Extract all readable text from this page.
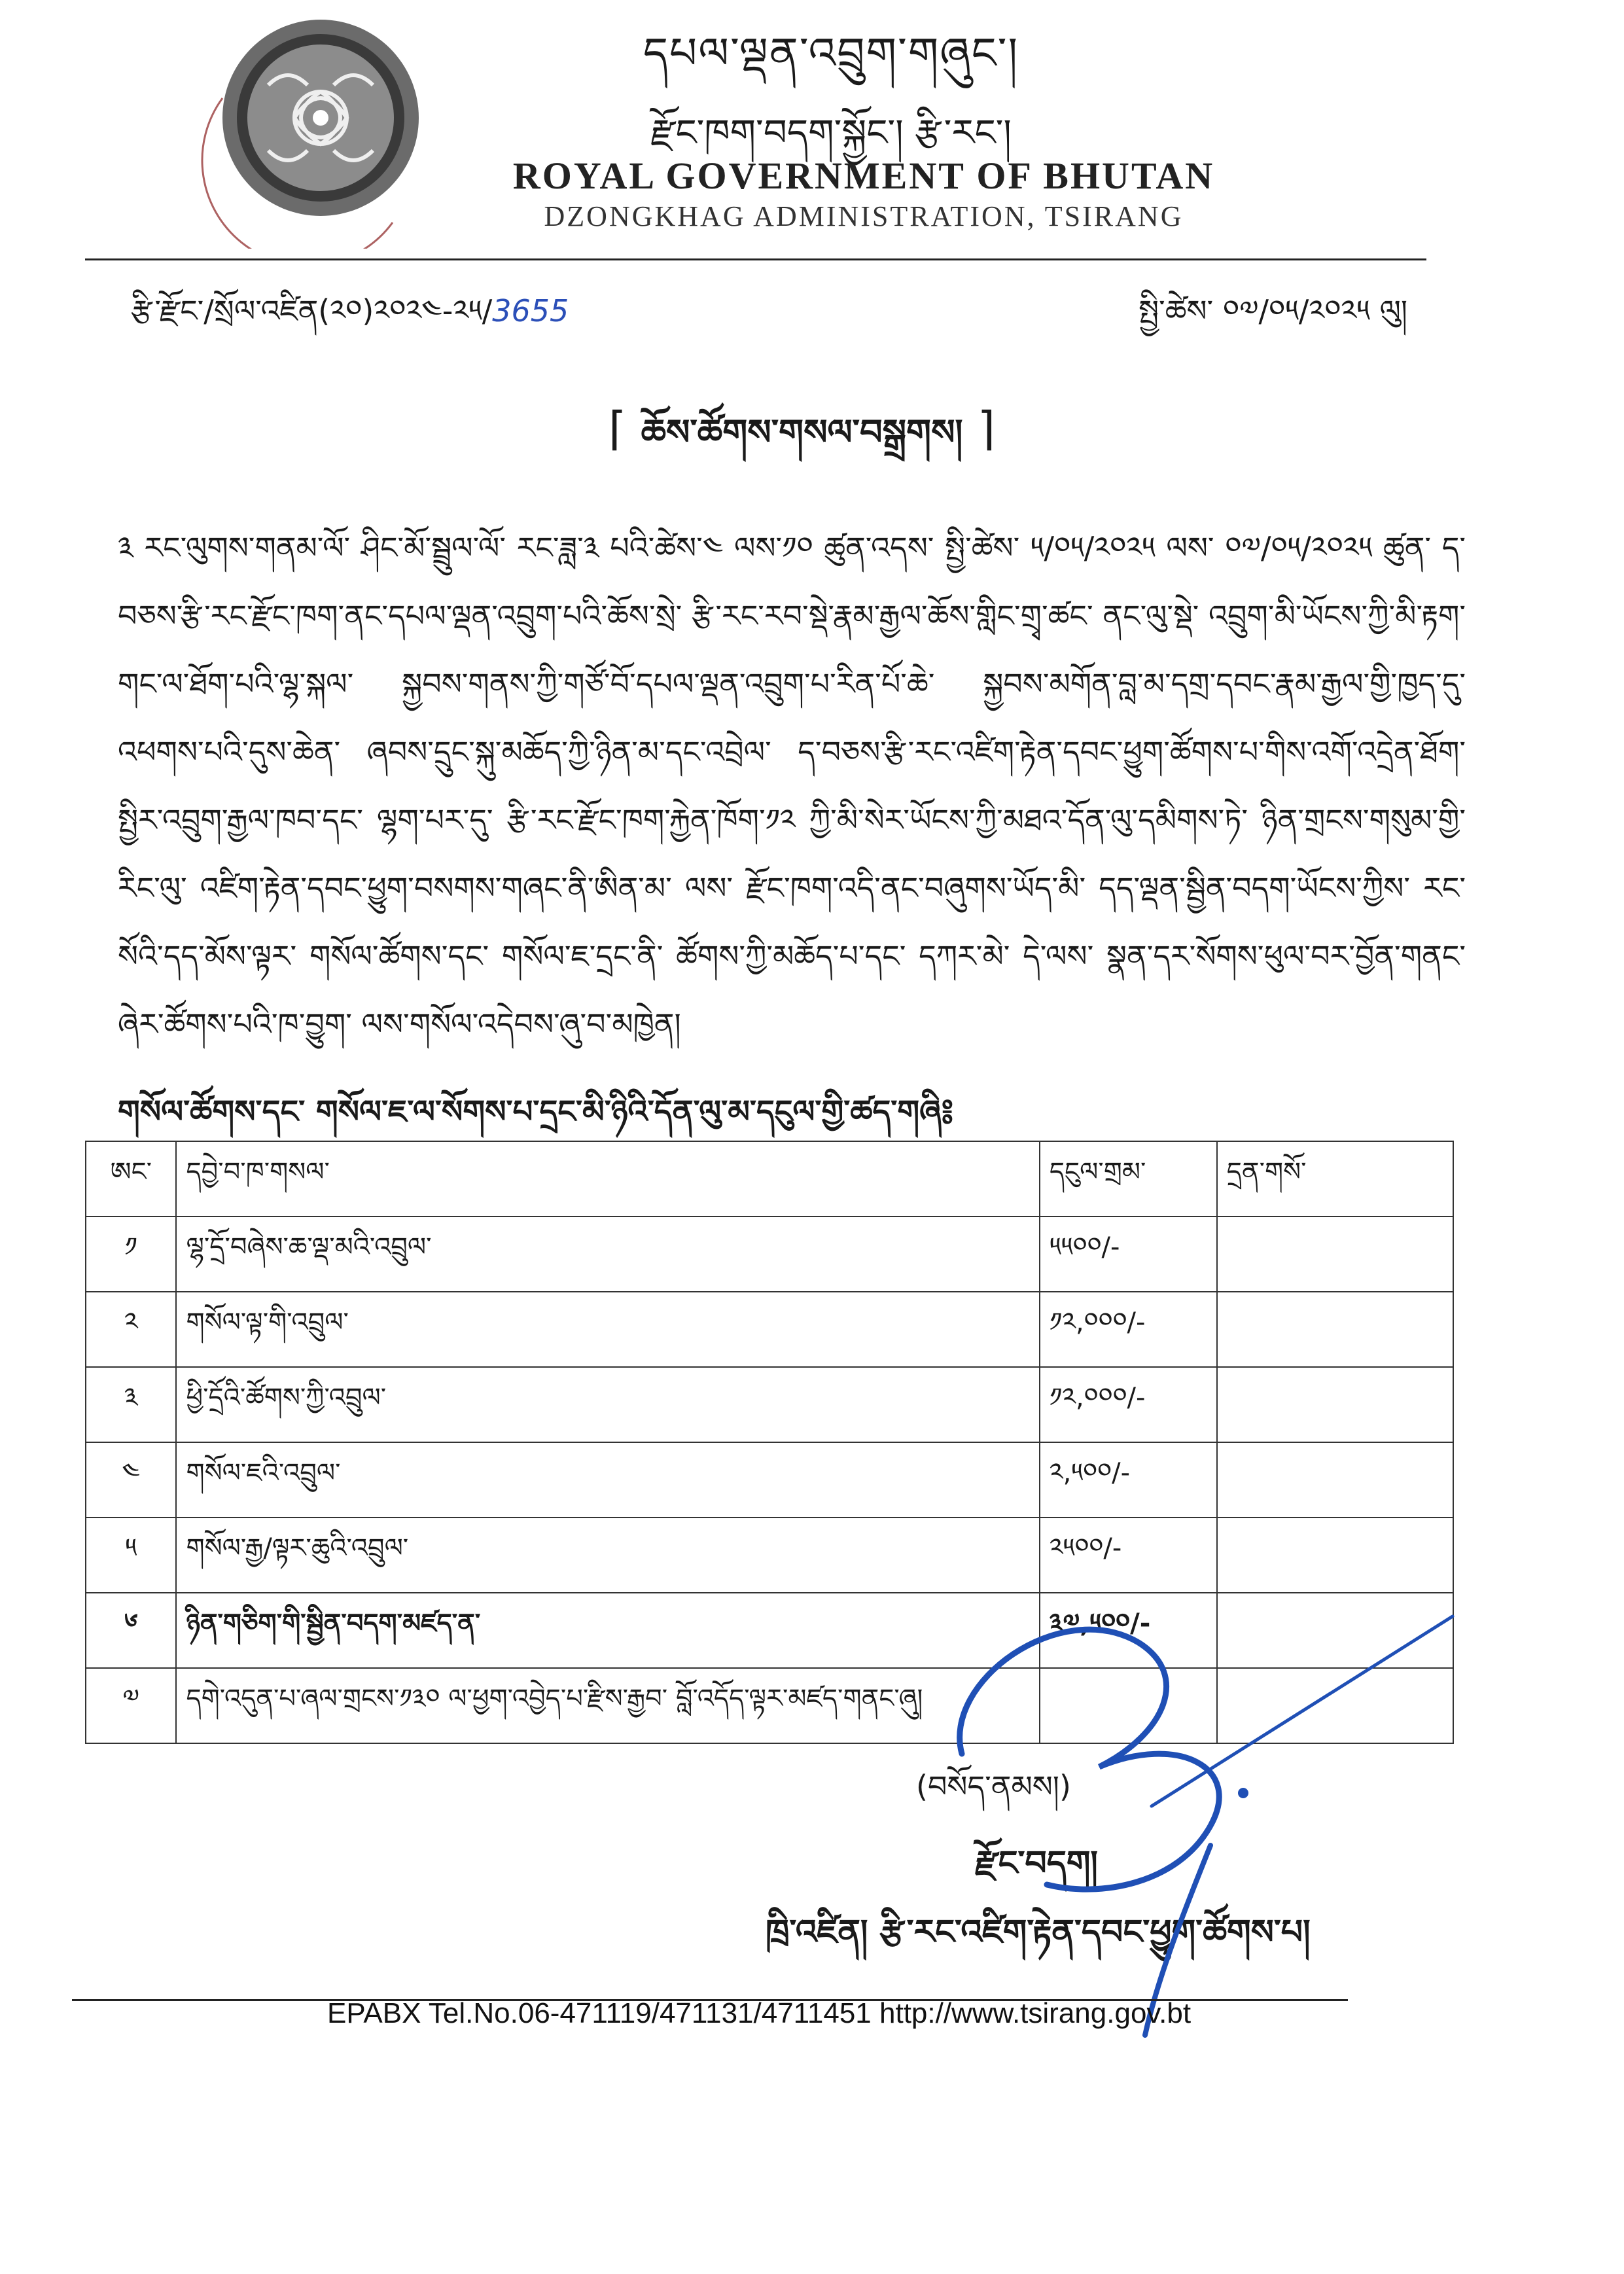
དཔལ་ལྡན་འབྲུག་གཞུང་།
རྫོང་ཁག་བདག་སྐྱོང་། རྩི་རང་།
ROYAL GOVERNMENT OF BHUTAN
DZONGKHAG ADMINISTRATION, TSIRANG
རྩི་རྫོང་/སྲོལ་འཛིན(༢༠)༢༠༢༤-༢༥/3655	སྤྱི་ཚེས་ ༠༧/༠༥/༢༠༢༥ ལུ།
⌈ ཆོས་ཚོགས་གསལ་བསྒྲགས། ⌉
༣ རང་ལུགས་གནམ་ལོ་ ཤིང་མོ་སྦྲུལ་ལོ་ རང་ཟླ་༣ པའི་ཚེས་༤ ལས་༡༠ ཚུན་འདས་ སྤྱི་ཚེས་ ༥/༠༥/༢༠༢༥ ལས་ ༠༧/༠༥/༢༠༢༥ ཚུན་ ད་བཅས་རྩི་རང་རྫོང་ཁག་ནང་དཔལ་ལྡན་འབྲུག་པའི་ཆོས་སྲེ་ རྩི་རང་རབ་སྡེ་རྣམ་རྒྱལ་ཆོས་གླིང་གྲྭ་ཚང་ ནང་ལུ་སྡེ་ འབྲུག་མི་ཡོངས་ཀྱི་མི་རྟག་གང་ལ་ཐོག་པའི་ལྷ་སྐལ་ སྐྱབས་གནས་ཀྱི་གཙོ་བོ་དཔལ་ལྡན་འབྲུག་པ་རིན་པོ་ཆེ་ སྐྱབས་མགོན་བླ་མ་དགྲ་དབང་རྣམ་རྒྱལ་གྱི་ཁྱད་དུ་འཕགས་པའི་དུས་ཆེན་ ཞབས་དྲུང་སྐུ་མཆོད་ཀྱི་ཉིན་མ་དང་འབྲེལ་ ད་བཅས་རྩི་རང་འཛིག་རྟེན་དབང་ཕྱུག་ཚོགས་པ་གིས་འགོ་འདྲེན་ཐོག་ སྤྱིར་འབྲུག་རྒྱལ་ཁབ་དང་ ལྷག་པར་དུ་ རྩི་རང་རྫོང་ཁག་རྐྱེན་ཁོག་༡༢ ཀྱི་མི་སེར་ཡོངས་ཀྱི་མཐའ་དོན་ལུ་དམིགས་ཏེ་ ཉིན་གྲངས་གསུམ་གྱི་རིང་ལུ་ འཛིག་རྟེན་དབང་ཕྱུག་བསགས་གཞང་ནི་ཨིན་མ་ ལས་ རྫོང་ཁག་འདི་ནང་བཞུགས་ཡོད་མི་ དད་ལྡན་སྦྱིན་བདག་ཡོངས་ཀྱིས་ རང་སོའི་དད་མོས་ལྟར་ གསོལ་ཚོགས་དང་ གསོལ་ཇ་དྲང་ནི་ ཚོགས་ཀྱི་མཆོད་པ་དང་ དཀར་མེ་ དེ་ལས་ སྣན་དར་སོགས་ཕུལ་བར་བྱོན་གནང་ཞེར་ཚོགས་པའི་ཁ་བྱུག་ ལས་གསོལ་འདེབས་ཞུ་བ་མཁྱེན།
གསོལ་ཚོགས་དང་ གསོལ་ཇ་ལ་སོགས་པ་དྲང་མི་ཉིའི་དོན་ལུ་མ་དངུལ་གྱི་ཚད་གཞི༔
ཨང་	དབྱེ་བ་ཁ་གསལ་	དངུལ་གྲམ་	དྲན་གསོ་
༡	ལྷ་དྲོ་བཞེས་ཆ་ལྡ་མའི་འབྲུལ་	༥༥༠༠/-	
༢	གསོལ་ལྟ་གི་འབྲུལ་	༡༢,༠༠༠/-	
༣	ཕྱི་དྲོའི་ཚོགས་ཀྱི་འབྲུལ་	༡༢,༠༠༠/-	
༤	གསོལ་ཇའི་འབྲུལ་	༢,༥༠༠/-	
༥	གསོལ་རྒྱ/ལྟར་ཆུའི་འབྲུལ་	༢༥༠༠/-	
༦	ཉིན་གཅིག་གི་སྦྱིན་བདག་མཛད་ན་	༣༧,༥༠༠/-	
༧	དགེ་འདུན་པ་ཞལ་གྲངས་༡༣༠ ལ་ཕྱག་འབྱེད་པ་རྫིས་རྒྱབ་ བློ་འདོད་ལྟར་མཛད་གནང་ཞུ།		
(བསོད་ནམས།)
རྫོང་བདག།
ཁྲི་འཛིན། རྩི་རང་འཛིག་རྟེན་དབང་ཕྱུག་ཚོགས་པ།
EPABX Tel.No.06-471119/471131/4711451 http://www.tsirang.gov.bt
